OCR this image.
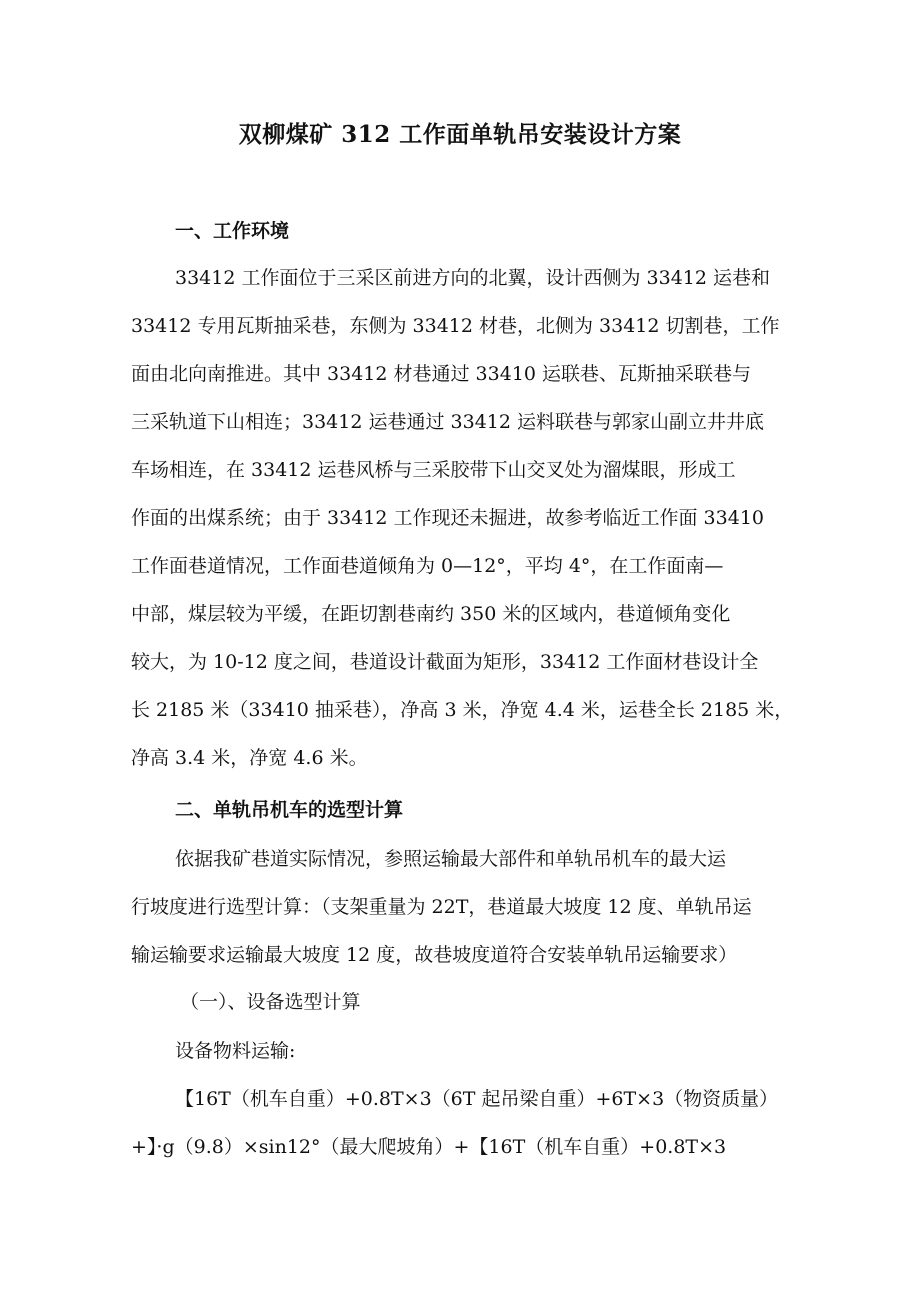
双柳煤矿 312 工作面单轨吊安装设计方案
一、工作环境
33412 工作面位于三采区前进方向的北翼，设计西侧为 33412 运巷和
33412 专用瓦斯抽采巷，东侧为 33412 材巷，北侧为 33412 切割巷，工作
面由北向南推进。其中 33412 材巷通过 33410 运联巷、瓦斯抽采联巷与
三采轨道下山相连；33412 运巷通过 33412 运料联巷与郭家山副立井井底
车场相连，在 33412 运巷风桥与三采胶带下山交叉处为溜煤眼，形成工
作面的出煤系统；由于 33412 工作现还未掘进，故参考临近工作面 33410
工作面巷道情况，工作面巷道倾角为 0—12°，平均 4°，在工作面南—
中部，煤层较为平缓，在距切割巷南约 350 米的区域内，巷道倾角变化
较大，为 10-12 度之间，巷道设计截面为矩形，33412 工作面材巷设计全
长 2185 米（33410 抽采巷），净高 3 米，净宽 4.4 米，运巷全长 2185 米，
净高 3.4 米，净宽 4.6 米。
二、单轨吊机车的选型计算
依据我矿巷道实际情况，参照运输最大部件和单轨吊机车的最大运
行坡度进行选型计算：（支架重量为 22T，巷道最大坡度 12 度、单轨吊运
输运输要求运输最大坡度 12 度，故巷坡度道符合安装单轨吊运输要求）
（一）、设备选型计算
设备物料运输:
【16T（机车自重）+0.8T×3（6T 起吊梁自重）+6T×3（物资质量）
+】·g（9.8）×sin12°（最大爬坡角）+【16T（机车自重）+0.8T×3
